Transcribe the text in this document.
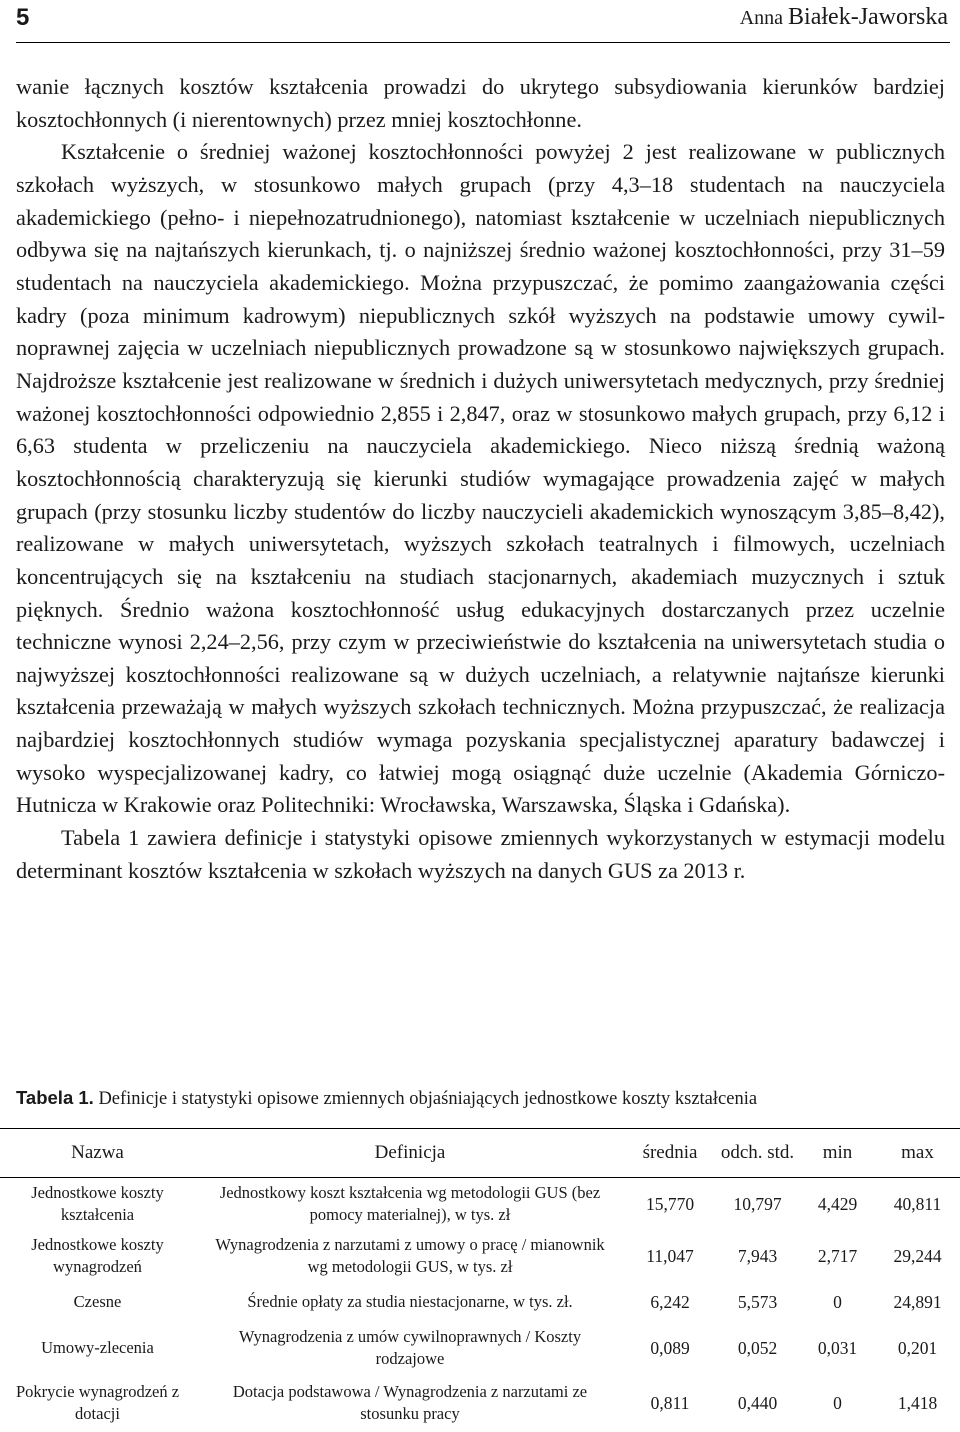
5	Anna Białek-Jaworska

wanie łącznych kosztów kształcenia prowadzi do ukrytego subsydiowania kierunków bardziej kosztochłonnych (i nierentownych) przez mniej kosztochłonne.

Kształcenie o średniej ważonej kosztochłonności powyżej 2 jest realizowane w publicznych szkołach wyższych, w stosunkowo małych grupach (przy 4,3–18 studentach na nauczyciela akademickiego (pełno- i niepełnozatrudnionego), natomiast kształcenie w uczelniach niepublicznych odbywa się na najtańszych kierunkach, tj. o najniższej średnio ważonej kosztochłonności, przy 31–59 studentach na nauczyciela akademickiego. Można przypuszczać, że pomimo zaangażowania części kadry (poza minimum kadrowym) niepublicznych szkół wyższych na podstawie umowy cywilnoprawnej zajęcia w uczelniach niepublicznych prowadzone są w stosunkowo największych grupach. Najdroższe kształcenie jest realizowane w średnich i dużych uniwersytetach medycznych, przy średniej ważonej kosztochłonności odpowiednio 2,855 i 2,847, oraz w stosunkowo małych grupach, przy 6,12 i 6,63 studenta w przeliczeniu na nauczyciela akademickiego. Nieco niższą średnią ważoną kosztochłonnością charakteryzują się kierunki studiów wymagające prowadzenia zajęć w małych grupach (przy stosunku liczby studentów do liczby nauczycieli akademickich wynoszącym 3,85–8,42), realizowane w małych uniwersytetach, wyższych szkołach teatralnych i filmowych, uczelniach koncentrujących się na kształceniu na studiach stacjonarnych, akademiach muzycznych i sztuk pięknych. Średnio ważona kosztochłonność usług edukacyjnych dostarczanych przez uczelnie techniczne wynosi 2,24–2,56, przy czym w przeciwieństwie do kształcenia na uniwersytetach studia o najwyższej kosztochłonności realizowane są w dużych uczelniach, a relatywnie najtańsze kierunki kształcenia przeważają w małych wyższych szkołach technicznych. Można przypuszczać, że realizacja najbardziej kosztochłonnych studiów wymaga pozyskania specjalistycznej aparatury badawczej i wysoko wyspecjalizowanej kadry, co łatwiej mogą osiągnąć duże uczelnie (Akademia Górniczo-Hutnicza w Krakowie oraz Politechniki: Wrocławska, Warszawska, Śląska i Gdańska).

Tabela 1 zawiera definicje i statystyki opisowe zmiennych wykorzystanych w estymacji modelu determinant kosztów kształcenia w szkołach wyższych na danych GUS za 2013 r.

Tabela 1. Definicje i statystyki opisowe zmiennych objaśniających jednostkowe koszty kształcenia
Nazwa	Definicja	średnia	odch. std.	min	max
Jednostkowe koszty kształcenia	Jednostkowy koszt kształcenia wg metodologii GUS (bez pomocy materialnej), w tys. zł	15,770	10,797	4,429	40,811
Jednostkowe koszty wynagrodzeń	Wynagrodzenia z narzutami z umowy o pracę / mianownik wg metodologii GUS, w tys. zł	11,047	7,943	2,717	29,244
Czesne	Średnie opłaty za studia niestacjonarne, w tys. zł.	6,242	5,573	0	24,891
Umowy-zlecenia	Wynagrodzenia z umów cywilnoprawnych / Koszty rodzajowe	0,089	0,052	0,031	0,201
Pokrycie wynagrodzeń z dotacji	Dotacja podstawowa / Wynagrodzenia z narzutami ze stosunku pracy	0,811	0,440	0	1,418
